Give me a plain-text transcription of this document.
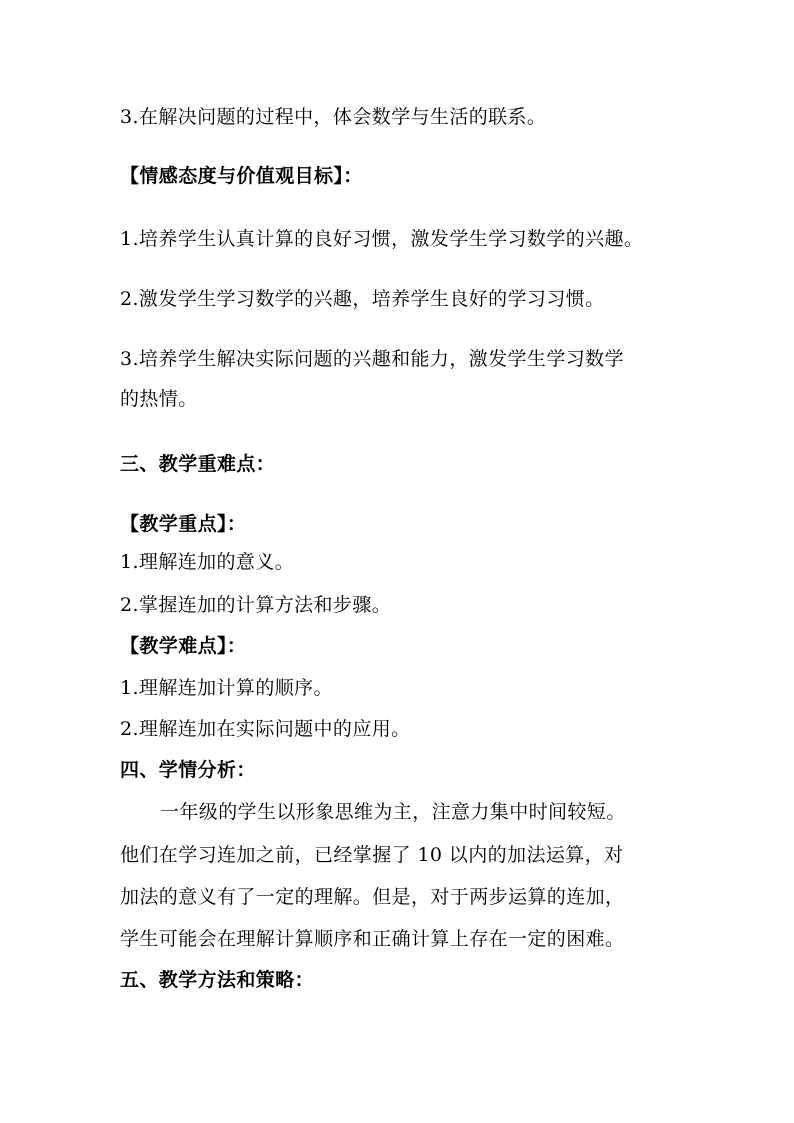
3.在解决问题的过程中，体会数学与生活的联系。
【情感态度与价值观目标】：
1.培养学生认真计算的良好习惯，激发学生学习数学的兴趣。
2.激发学生学习数学的兴趣，培养学生良好的学习习惯。
3.培养学生解决实际问题的兴趣和能力，激发学生学习数学
的热情。
三、教学重难点：
【教学重点】：
1.理解连加的意义。
2.掌握连加的计算方法和步骤。
【教学难点】：
1.理解连加计算的顺序。
2.理解连加在实际问题中的应用。
四、学情分析：
一年级的学生以形象思维为主，注意力集中时间较短。
他们在学习连加之前，已经掌握了 10 以内的加法运算，对
加法的意义有了一定的理解。但是，对于两步运算的连加，
学生可能会在理解计算顺序和正确计算上存在一定的困难。
五、教学方法和策略：
